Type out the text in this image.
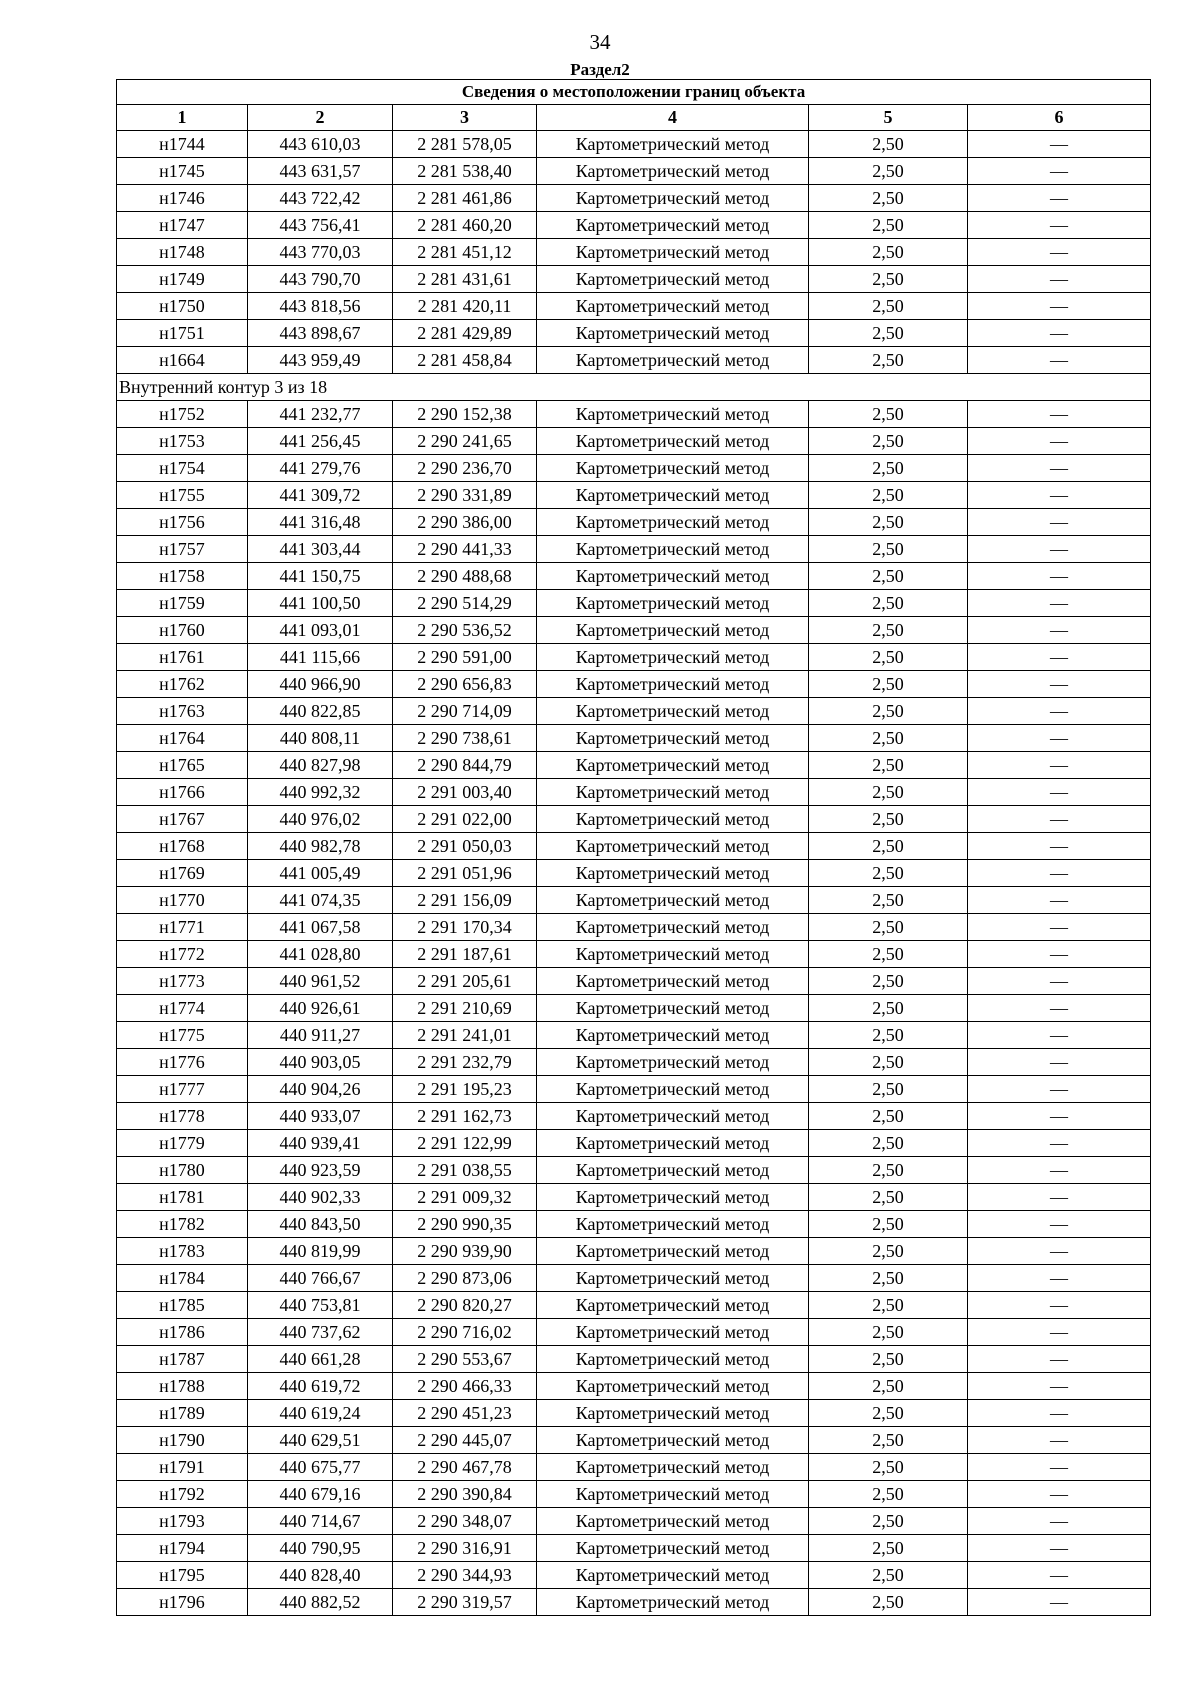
34
Раздел2
Сведения о местоположении границ объекта					
1	2	3	4	5	6
н1744	443 610,03	2 281 578,05	Картометрический метод	2,50	—
н1745	443 631,57	2 281 538,40	Картометрический метод	2,50	—
н1746	443 722,42	2 281 461,86	Картометрический метод	2,50	—
н1747	443 756,41	2 281 460,20	Картометрический метод	2,50	—
н1748	443 770,03	2 281 451,12	Картометрический метод	2,50	—
н1749	443 790,70	2 281 431,61	Картометрический метод	2,50	—
н1750	443 818,56	2 281 420,11	Картометрический метод	2,50	—
н1751	443 898,67	2 281 429,89	Картометрический метод	2,50	—
н1664	443 959,49	2 281 458,84	Картометрический метод	2,50	—
Внутренний контур 3 из 18					
н1752	441 232,77	2 290 152,38	Картометрический метод	2,50	—
н1753	441 256,45	2 290 241,65	Картометрический метод	2,50	—
н1754	441 279,76	2 290 236,70	Картометрический метод	2,50	—
н1755	441 309,72	2 290 331,89	Картометрический метод	2,50	—
н1756	441 316,48	2 290 386,00	Картометрический метод	2,50	—
н1757	441 303,44	2 290 441,33	Картометрический метод	2,50	—
н1758	441 150,75	2 290 488,68	Картометрический метод	2,50	—
н1759	441 100,50	2 290 514,29	Картометрический метод	2,50	—
н1760	441 093,01	2 290 536,52	Картометрический метод	2,50	—
н1761	441 115,66	2 290 591,00	Картометрический метод	2,50	—
н1762	440 966,90	2 290 656,83	Картометрический метод	2,50	—
н1763	440 822,85	2 290 714,09	Картометрический метод	2,50	—
н1764	440 808,11	2 290 738,61	Картометрический метод	2,50	—
н1765	440 827,98	2 290 844,79	Картометрический метод	2,50	—
н1766	440 992,32	2 291 003,40	Картометрический метод	2,50	—
н1767	440 976,02	2 291 022,00	Картометрический метод	2,50	—
н1768	440 982,78	2 291 050,03	Картометрический метод	2,50	—
н1769	441 005,49	2 291 051,96	Картометрический метод	2,50	—
н1770	441 074,35	2 291 156,09	Картометрический метод	2,50	—
н1771	441 067,58	2 291 170,34	Картометрический метод	2,50	—
н1772	441 028,80	2 291 187,61	Картометрический метод	2,50	—
н1773	440 961,52	2 291 205,61	Картометрический метод	2,50	—
н1774	440 926,61	2 291 210,69	Картометрический метод	2,50	—
н1775	440 911,27	2 291 241,01	Картометрический метод	2,50	—
н1776	440 903,05	2 291 232,79	Картометрический метод	2,50	—
н1777	440 904,26	2 291 195,23	Картометрический метод	2,50	—
н1778	440 933,07	2 291 162,73	Картометрический метод	2,50	—
н1779	440 939,41	2 291 122,99	Картометрический метод	2,50	—
н1780	440 923,59	2 291 038,55	Картометрический метод	2,50	—
н1781	440 902,33	2 291 009,32	Картометрический метод	2,50	—
н1782	440 843,50	2 290 990,35	Картометрический метод	2,50	—
н1783	440 819,99	2 290 939,90	Картометрический метод	2,50	—
н1784	440 766,67	2 290 873,06	Картометрический метод	2,50	—
н1785	440 753,81	2 290 820,27	Картометрический метод	2,50	—
н1786	440 737,62	2 290 716,02	Картометрический метод	2,50	—
н1787	440 661,28	2 290 553,67	Картометрический метод	2,50	—
н1788	440 619,72	2 290 466,33	Картометрический метод	2,50	—
н1789	440 619,24	2 290 451,23	Картометрический метод	2,50	—
н1790	440 629,51	2 290 445,07	Картометрический метод	2,50	—
н1791	440 675,77	2 290 467,78	Картометрический метод	2,50	—
н1792	440 679,16	2 290 390,84	Картометрический метод	2,50	—
н1793	440 714,67	2 290 348,07	Картометрический метод	2,50	—
н1794	440 790,95	2 290 316,91	Картометрический метод	2,50	—
н1795	440 828,40	2 290 344,93	Картометрический метод	2,50	—
н1796	440 882,52	2 290 319,57	Картометрический метод	2,50	—
